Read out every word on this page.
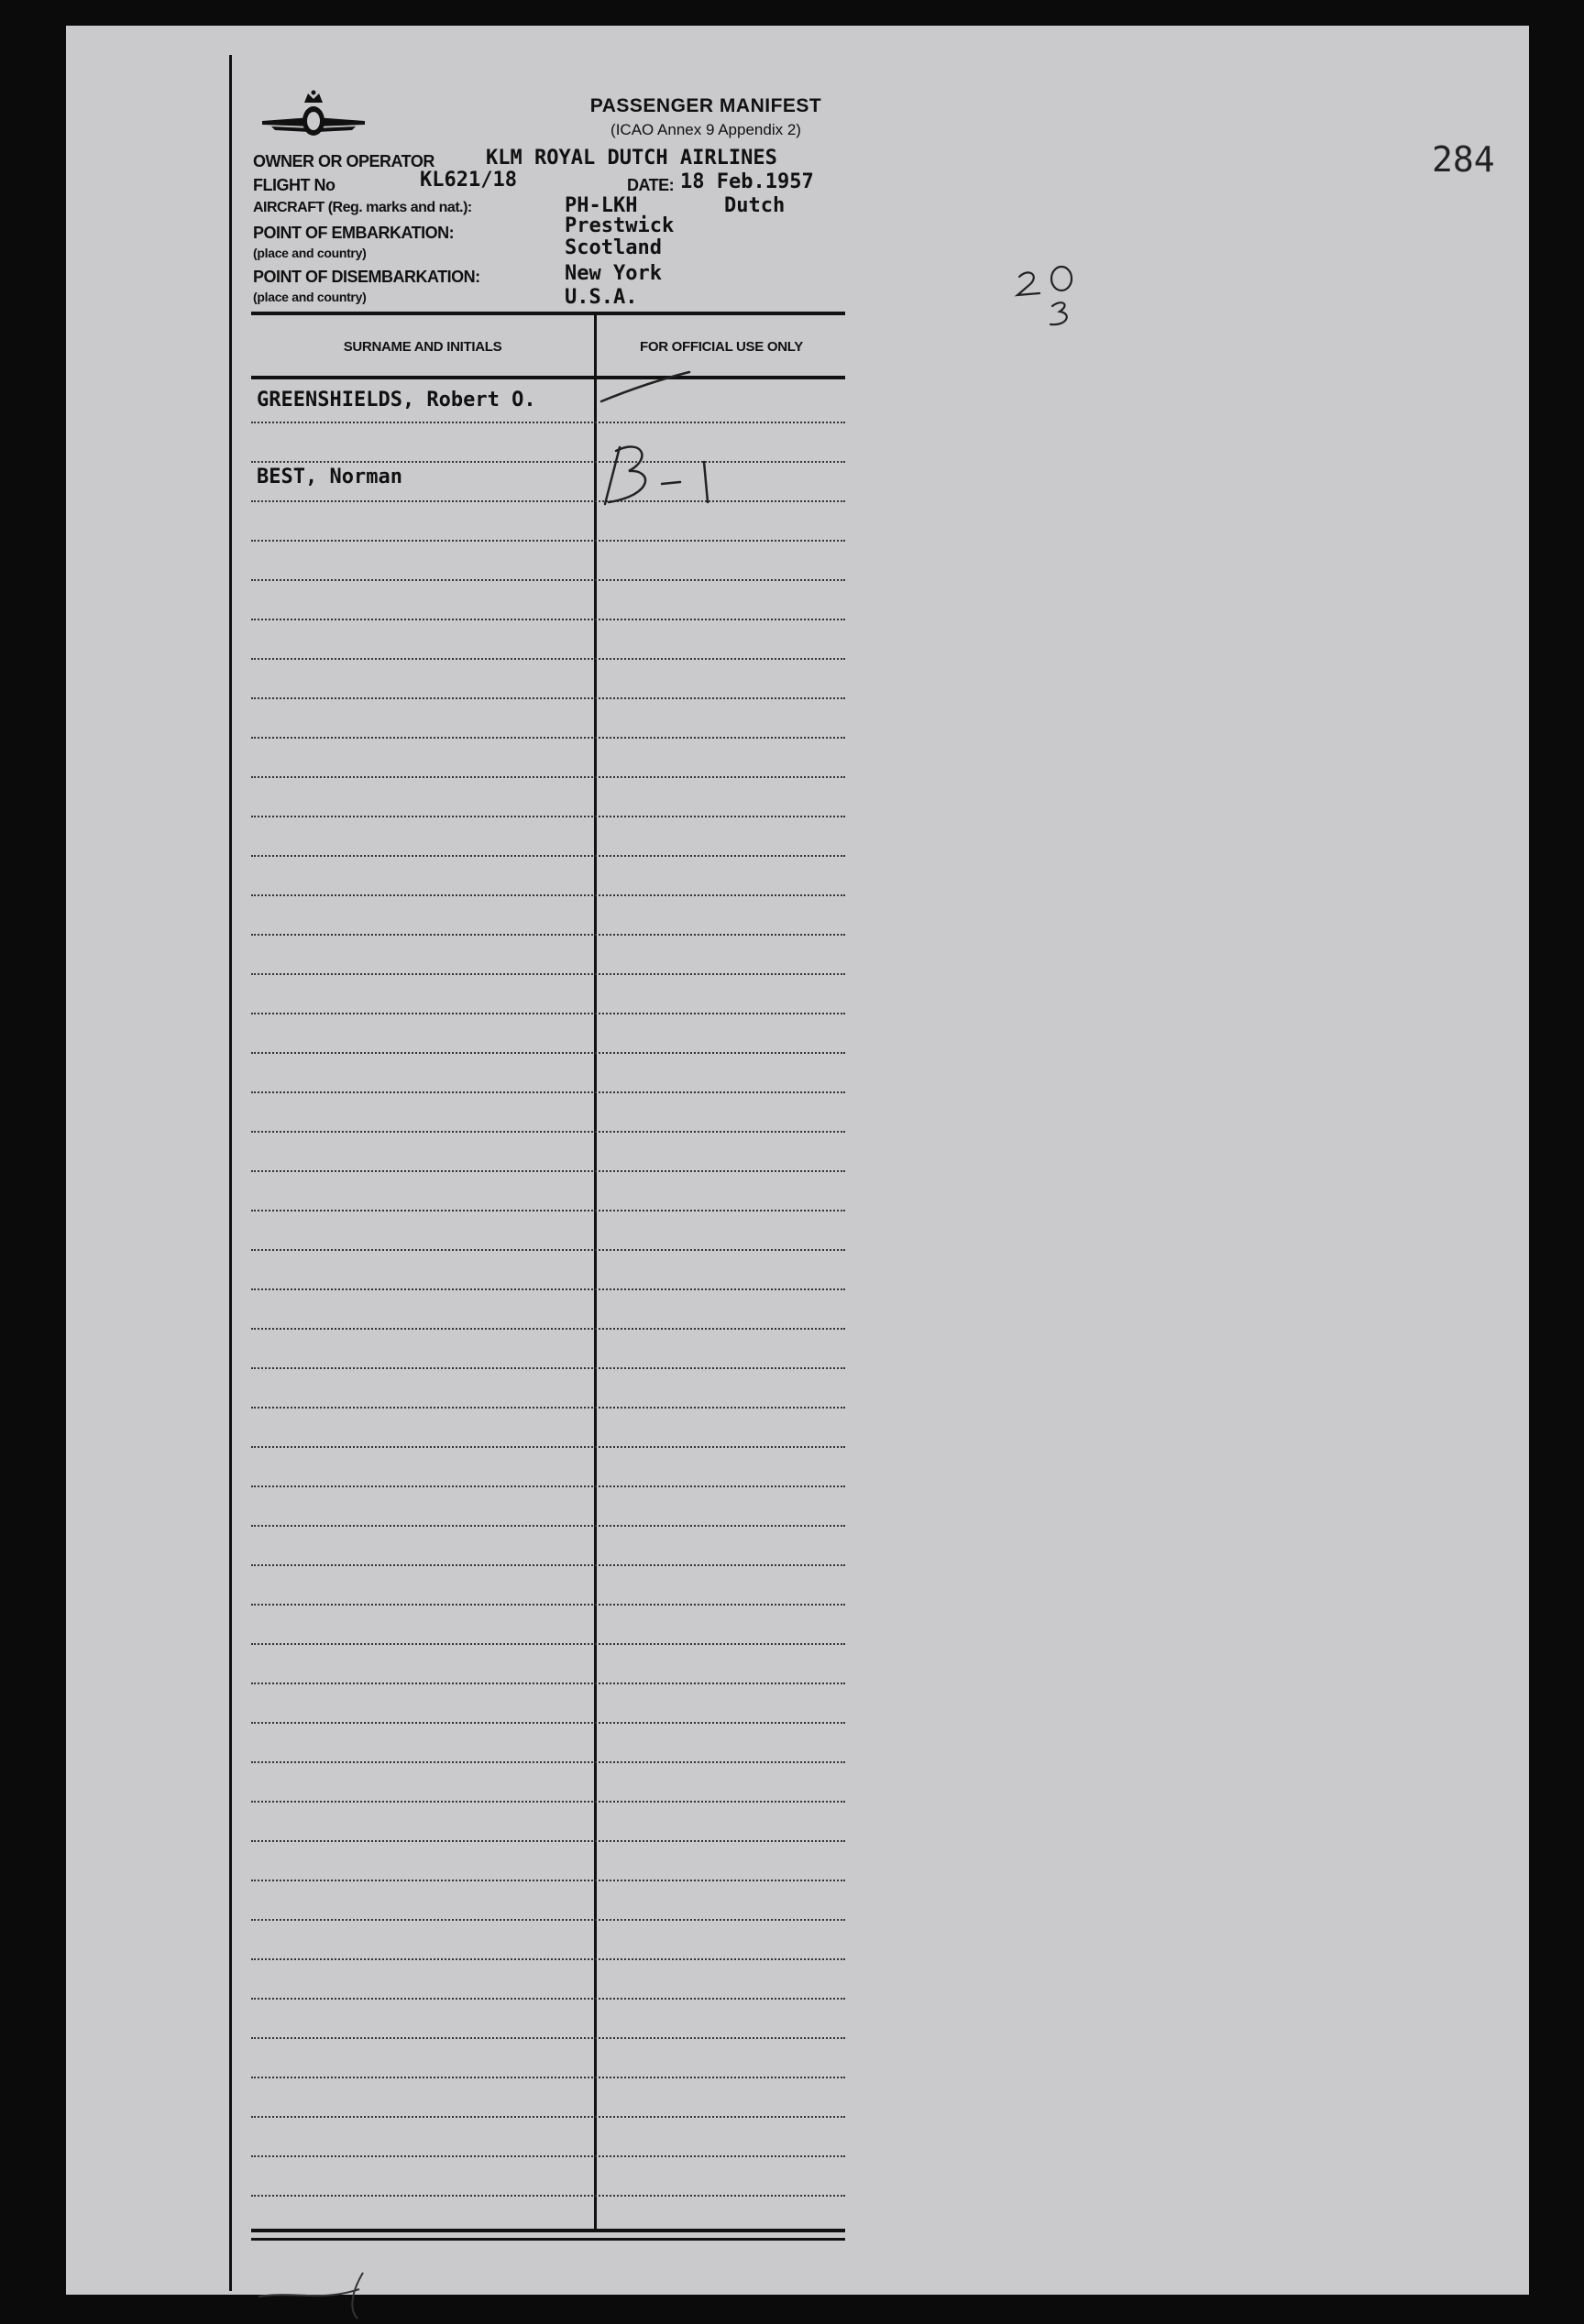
284
PASSENGER MANIFEST
(ICAO Annex 9 Appendix 2)
OWNER OR OPERATOR	KLM ROYAL DUTCH AIRLINES
FLIGHT No	KL621/18	DATE: 18 Feb.1957
AIRCRAFT (Reg. marks and nat.):	PH-LKH	Dutch
POINT OF EMBARKATION:
(place and country)
Prestwick
Scotland
POINT OF DISEMBARKATION:
(place and country)
New York
U.S.A.
SURNAME AND INITIALS	FOR OFFICIAL USE ONLY
GREENSHIELDS, Robert O.
BEST, Norman
